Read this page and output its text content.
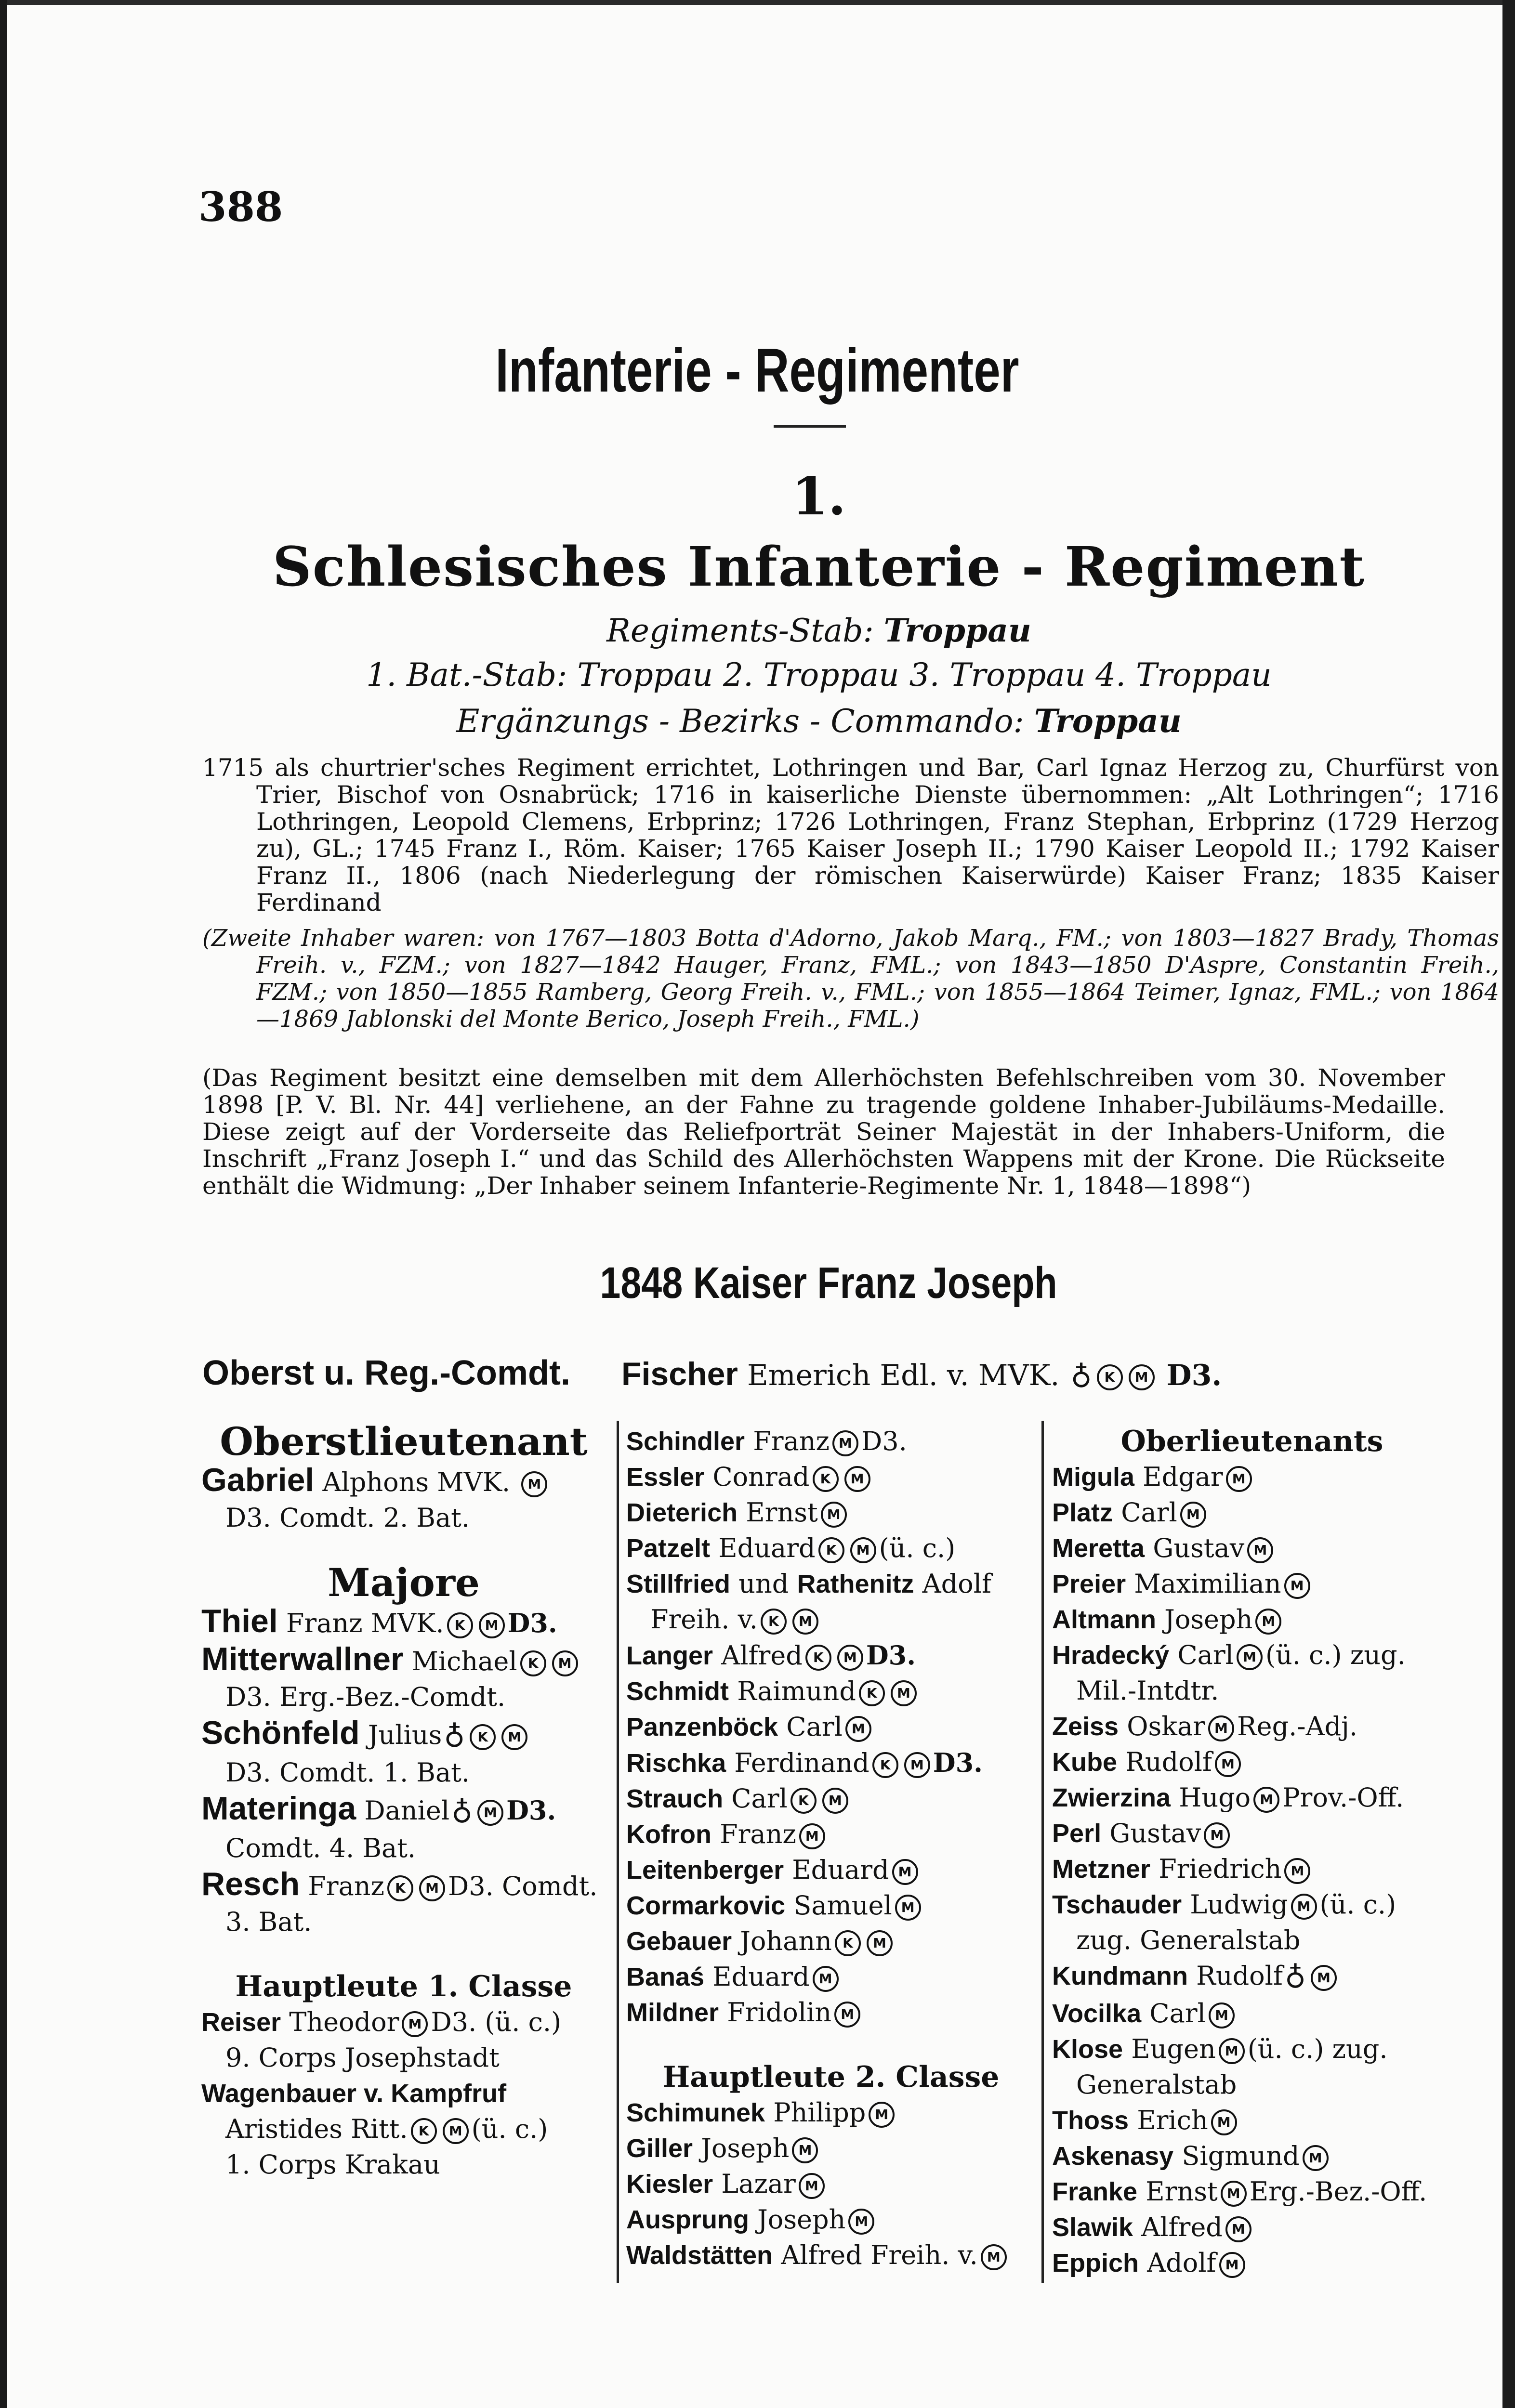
388
Infanterie - Regimenter
1.
Schlesisches Infanterie - Regiment
Regiments-Stab: Troppau
1. Bat.-Stab: Troppau 2. Troppau 3. Troppau 4. Troppau
Ergänzungs - Bezirks - Commando: Troppau
1715 als churtrier'sches Regiment errichtet, Lothringen und Bar, Carl Ignaz Herzog zu, Churfürst von Trier, Bischof von Osnabrück; 1716 in kaiserliche Dienste übernommen: „Alt Lothringen“; 1716 Lothringen, Leopold Clemens, Erbprinz; 1726 Lothringen, Franz Stephan, Erbprinz (1729 Herzog zu), GL.; 1745 Franz I., Röm. Kaiser; 1765 Kaiser Joseph II.; 1790 Kaiser Leopold II.; 1792 Kaiser Franz II., 1806 (nach Niederlegung der römischen Kaiserwürde) Kaiser Franz; 1835 Kaiser Ferdinand
(Zweite Inhaber waren: von 1767—1803 Botta d'Adorno, Jakob Marq., FM.; von 1803—1827 Brady, Thomas Freih. v., FZM.; von 1827—1842 Hauger, Franz, FML.; von 1843—1850 D'Aspre, Constantin Freih., FZM.; von 1850—1855 Ramberg, Georg Freih. v., FML.; von 1855—1864 Teimer, Ignaz, FML.; von 1864—1869 Jablonski del Monte Berico, Joseph Freih., FML.)
(Das Regiment besitzt eine demselben mit dem Allerhöchsten Befehlschreiben vom 30. November 1898 [P. V. Bl. Nr. 44] verliehene, an der Fahne zu tragende goldene Inhaber-Jubiläums-Medaille. Diese zeigt auf der Vorderseite das Reliefporträt Seiner Majestät in der Inhabers-Uniform, die Inschrift „Franz Joseph I.“ und das Schild des Allerhöchsten Wappens mit der Krone. Die Rückseite enthält die Widmung: „Der Inhaber seinem Infanterie-Regimente Nr. 1, 1848—1898“)
1848 Kaiser Franz Joseph
Oberst u. Reg.-Comdt. Fischer Emerich Edl. v. MVK. ♁ K M D3.
Oberstlieutenant
Gabriel Alphons MVK. M
D3. Comdt. 2. Bat.
Majore
Thiel Franz MVK. K M D3.
Mitterwallner Michael K M
D3. Erg.-Bez.-Comdt.
Schönfeld Julius♁ K M
D3. Comdt. 1. Bat.
Materinga Daniel♁ M D3.
Comdt. 4. Bat.
Resch Franz K M D3. Comdt.
3. Bat.
Hauptleute 1. Classe
Reiser Theodor M D3. (ü. c.)
9. Corps Josephstadt
Wagenbauer v. Kampfruf
Aristides Ritt. K M (ü. c.)
1. Corps Krakau
Schindler Franz M D3.
Essler Conrad K M
Dieterich Ernst M
Patzelt Eduard K M (ü. c.)
Stillfried und Rathenitz Adolf
Freih. v. K M
Langer Alfred K M D3.
Schmidt Raimund K M
Panzenböck Carl M
Rischka Ferdinand K M D3.
Strauch Carl K M
Kofron Franz M
Leitenberger Eduard M
Cormarkovic Samuel M
Gebauer Johann K M
Banaś Eduard M
Mildner Fridolin M
Hauptleute 2. Classe
Schimunek Philipp M
Giller Joseph M
Kiesler Lazar M
Ausprung Joseph M
Waldstätten Alfred Freih. v. M
Oberlieutenants
Migula Edgar M
Platz Carl M
Meretta Gustav M
Preier Maximilian M
Altmann Joseph M
Hradecký Carl M (ü. c.) zug.
Mil.-Intdtr.
Zeiss Oskar M Reg.-Adj.
Kube Rudolf M
Zwierzina Hugo M Prov.-Off.
Perl Gustav M
Metzner Friedrich M
Tschauder Ludwig M (ü. c.)
zug. Generalstab
Kundmann Rudolf♁ M
Vocilka Carl M
Klose Eugen M (ü. c.) zug.
Generalstab
Thoss Erich M
Askenasy Sigmund M
Franke Ernst M Erg.-Bez.-Off.
Slawik Alfred M
Eppich Adolf M
